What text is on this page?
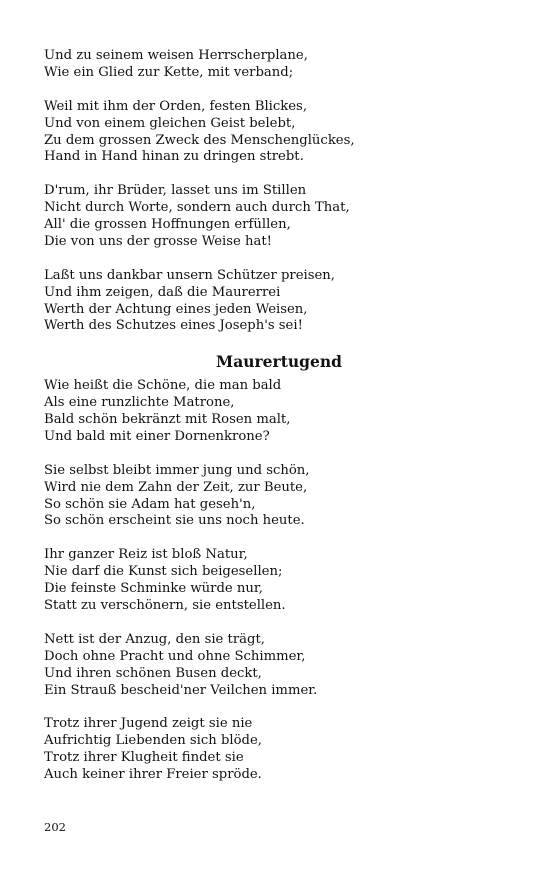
Und zu seinem weisen Herrscherplane,
Wie ein Glied zur Kette, mit verband;
Weil mit ihm der Orden, festen Blickes,
Und von einem gleichen Geist belebt,
Zu dem grossen Zweck des Menschenglückes,
Hand in Hand hinan zu dringen strebt.
D'rum, ihr Brüder, lasset uns im Stillen
Nicht durch Worte, sondern auch durch That,
All' die grossen Hoffnungen erfüllen,
Die von uns der grosse Weise hat!
Laßt uns dankbar unsern Schützer preisen,
Und ihm zeigen, daß die Maurerrei
Werth der Achtung eines jeden Weisen,
Werth des Schutzes eines Joseph's sei!
Maurertugend
Wie heißt die Schöne, die man bald
Als eine runzlichte Matrone,
Bald schön bekränzt mit Rosen malt,
Und bald mit einer Dornenkrone?
Sie selbst bleibt immer jung und schön,
Wird nie dem Zahn der Zeit, zur Beute,
So schön sie Adam hat geseh'n,
So schön erscheint sie uns noch heute.
Ihr ganzer Reiz ist bloß Natur,
Nie darf die Kunst sich beigesellen;
Die feinste Schminke würde nur,
Statt zu verschönern, sie entstellen.
Nett ist der Anzug, den sie trägt,
Doch ohne Pracht und ohne Schimmer,
Und ihren schönen Busen deckt,
Ein Strauß bescheid'ner Veilchen immer.
Trotz ihrer Jugend zeigt sie nie
Aufrichtig Liebenden sich blöde,
Trotz ihrer Klugheit findet sie
Auch keiner ihrer Freier spröde.
202
